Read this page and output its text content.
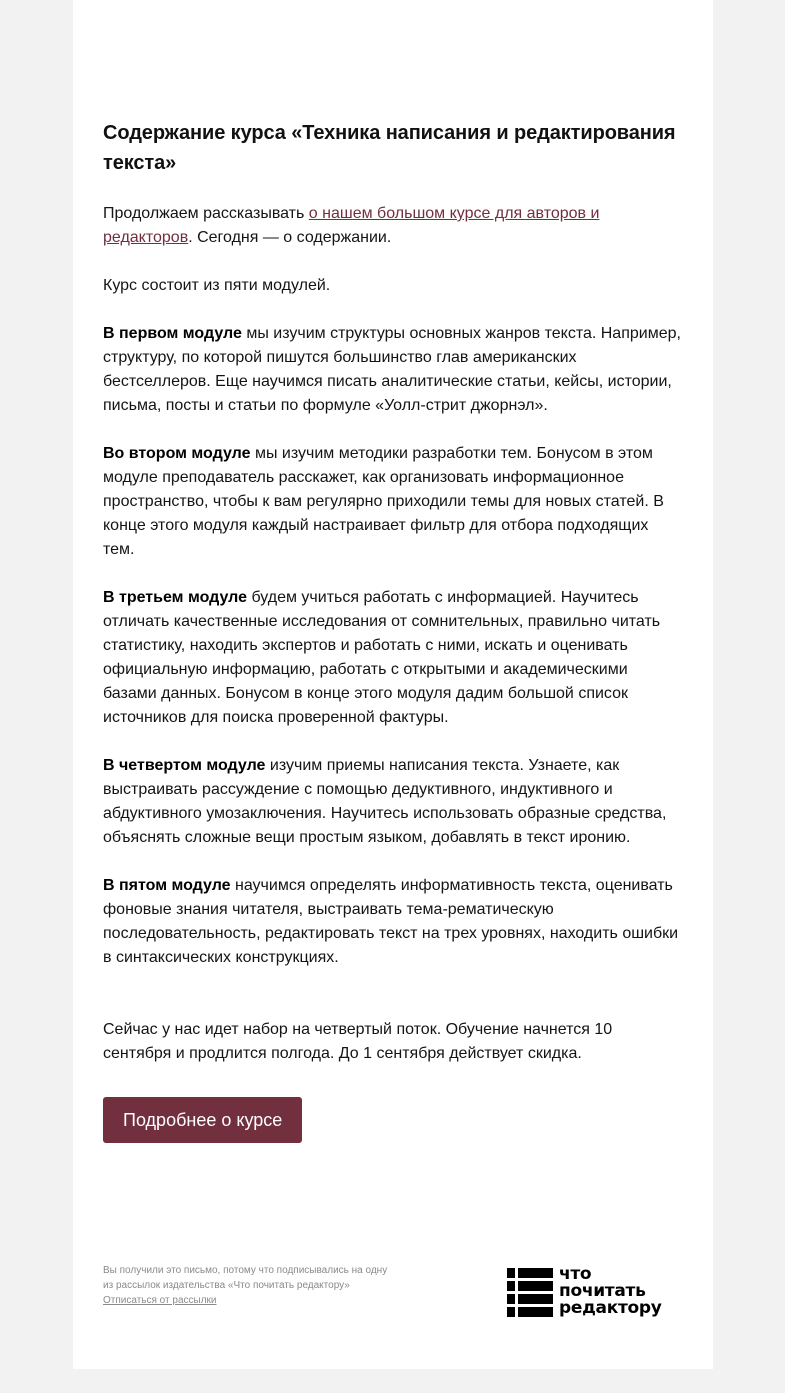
Содержание курса «Техника написания и редактирования текста»

Продолжаем рассказывать о нашем большом курсе для авторов и редакторов. Сегодня — о содержании.

Курс состоит из пяти модулей.

В первом модуле мы изучим структуры основных жанров текста. Например, структуру, по которой пишутся большинство глав американских бестселлеров. Еще научимся писать аналитические статьи, кейсы, истории, письма, посты и статьи по формуле «Уолл-стрит джорнэл».

Во втором модуле мы изучим методики разработки тем. Бонусом в этом модуле преподаватель расскажет, как организовать информационное пространство, чтобы к вам регулярно приходили темы для новых статей. В конце этого модуля каждый настраивает фильтр для отбора подходящих тем.

В третьем модуле будем учиться работать с информацией. Научитесь отличать качественные исследования от сомнительных, правильно читать статистику, находить экспертов и работать с ними, искать и оценивать официальную информацию, работать с открытыми и академическими базами данных. Бонусом в конце этого модуля дадим большой список источников для поиска проверенной фактуры.

В четвертом модуле изучим приемы написания текста. Узнаете, как выстраивать рассуждение с помощью дедуктивного, индуктивного и абдуктивного умозаключения. Научитесь использовать образные средства, объяснять сложные вещи простым языком, добавлять в текст иронию.

В пятом модуле научимся определять информативность текста, оценивать фоновые знания читателя, выстраивать тема-рематическую последовательность, редактировать текст на трех уровнях, находить ошибки в синтаксических конструкциях.

Сейчас у нас идет набор на четвертый поток. Обучение начнется 10 сентября и продлится полгода. До 1 сентября действует скидка.

Подробнее о курсе
Вы получили это письмо, потому что подписывались на одну из рассылок издательства «Что почитать редактору»
Отписаться от рассылки
что
почитать
редактору
